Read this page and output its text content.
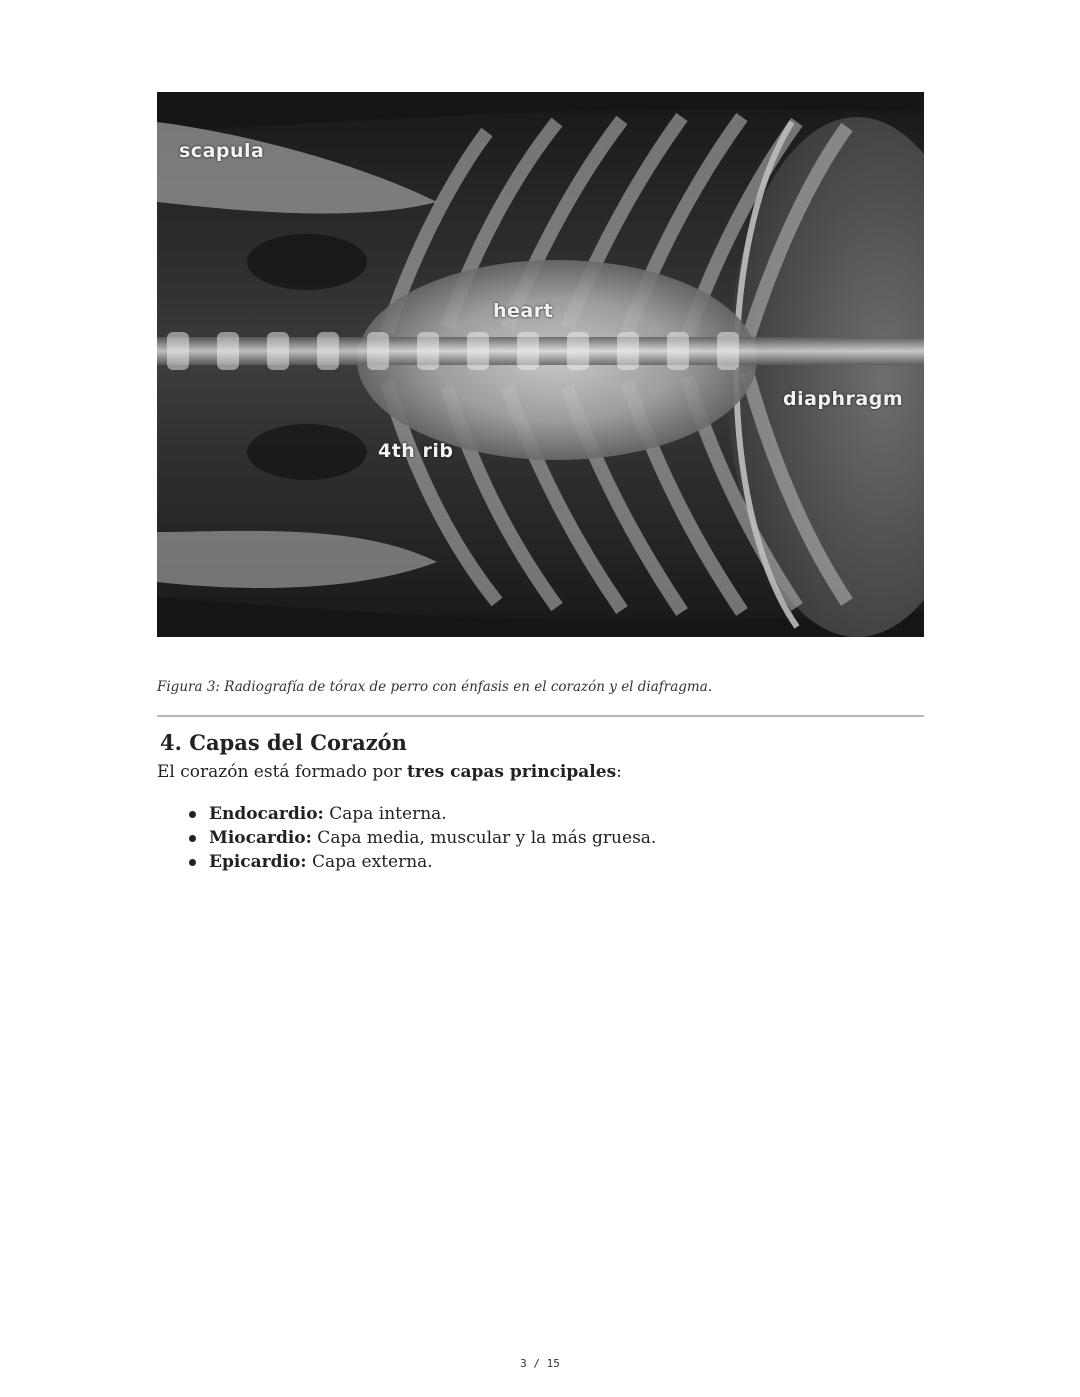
scapula
heart
diaphragm
4th rib
Figura 3: Radiografía de tórax de perro con énfasis en el corazón y el diafragma.
4. Capas del Corazón

El corazón está formado por tres capas principales:

Endocardio: Capa interna.
Miocardio: Capa media, muscular y la más gruesa.
Epicardio: Capa externa.
3 / 15
